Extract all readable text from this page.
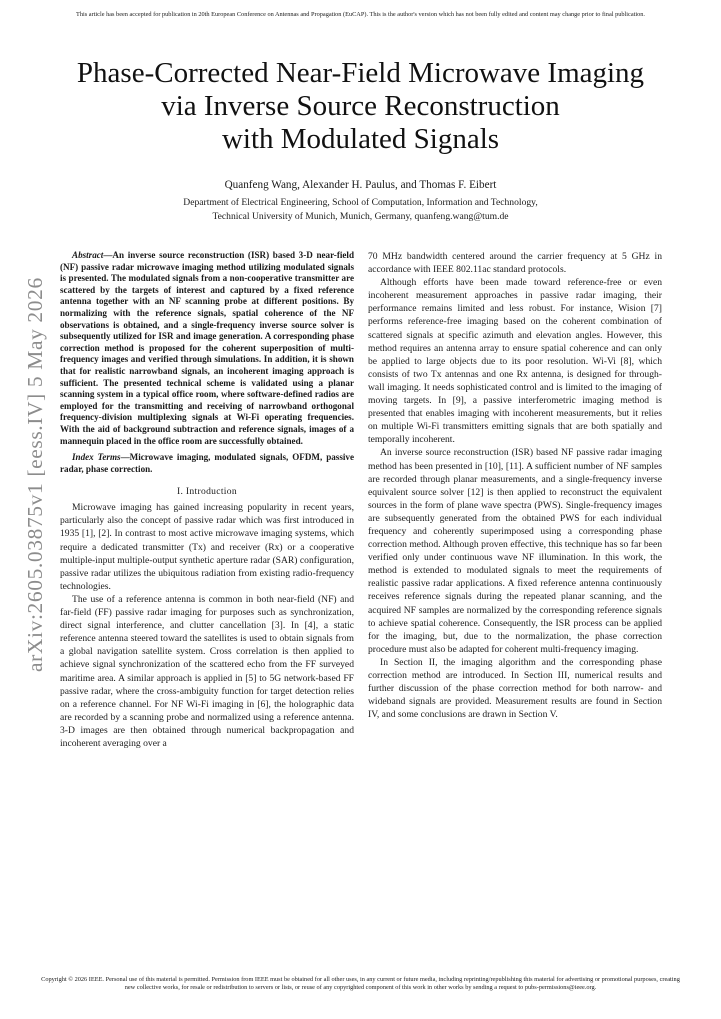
This article has been accepted for publication in 20th European Conference on Antennas and Propagation (EuCAP). This is the author's version which has not been fully edited and content may change prior to final publication.
Phase-Corrected Near-Field Microwave Imaging
via Inverse Source Reconstruction
with Modulated Signals
Quanfeng Wang, Alexander H. Paulus, and Thomas F. Eibert
Department of Electrical Engineering, School of Computation, Information and Technology,
Technical University of Munich, Munich, Germany, quanfeng.wang@tum.de
arXiv:2605.03875v1 [eess.IV] 5 May 2026

Abstract—An inverse source reconstruction (ISR) based 3-D near-field (NF) passive radar microwave imaging method utilizing modulated signals is presented. The modulated signals from a non-cooperative transmitter are scattered by the targets of interest and captured by a fixed reference antenna together with an NF scanning probe at different positions. By normalizing with the reference signals, spatial coherence of the NF observations is obtained, and a single-frequency inverse source solver is subsequently utilized for ISR and image generation. A corresponding phase correction method is proposed for the coherent superposition of multi-frequency images and verified through simulations. In addition, it is shown that for realistic narrowband signals, an incoherent imaging approach is sufficient. The presented technical scheme is validated using a planar scanning system in a typical office room, where software-defined radios are employed for the transmitting and receiving of narrowband orthogonal frequency-division multiplexing signals at Wi-Fi operating frequencies. With the aid of background subtraction and reference signals, images of a mannequin placed in the office room are successfully obtained.

Index Terms—Microwave imaging, modulated signals, OFDM, passive radar, phase correction.

I. Introduction

Microwave imaging has gained increasing popularity in recent years, particularly also the concept of passive radar which was first introduced in 1935 [1], [2]. In contrast to most active microwave imaging systems, which require a dedicated transmitter (Tx) and receiver (Rx) or a cooperative multiple-input multiple-output synthetic aperture radar (SAR) configuration, passive radar utilizes the ubiquitous radiation from existing radio-frequency technologies.

The use of a reference antenna is common in both near-field (NF) and far-field (FF) passive radar imaging for purposes such as synchronization, direct signal interference, and clutter cancellation [3]. In [4], a static reference antenna steered toward the satellites is used to obtain signals from a global navigation satellite system. Cross correlation is then applied to achieve signal synchronization of the scattered echo from the FF surveyed maritime area. A similar approach is applied in [5] to 5G network-based FF passive radar, where the cross-ambiguity function for target detection relies on a reference channel. For NF Wi-Fi imaging in [6], the holographic data are recorded by a scanning probe and normalized using a reference antenna. 3-D images are then obtained through numerical backpropagation and incoherent averaging over a

70 MHz bandwidth centered around the carrier frequency at 5 GHz in accordance with IEEE 802.11ac standard protocols.

Although efforts have been made toward reference-free or even incoherent measurement approaches in passive radar imaging, their performance remains limited and less robust. For instance, Wision [7] performs reference-free imaging based on the coherent combination of scattered signals at specific azimuth and elevation angles. However, this method requires an antenna array to ensure spatial coherence and can only be applied to large objects due to its poor resolution. Wi-Vi [8], which consists of two Tx antennas and one Rx antenna, is designed for through-wall imaging. It needs sophisticated control and is limited to the imaging of moving targets. In [9], a passive interferometric imaging method is presented that enables imaging with incoherent measurements, but it relies on multiple Wi-Fi transmitters emitting signals that are both spatially and temporally incoherent.

An inverse source reconstruction (ISR) based NF passive radar imaging method has been presented in [10], [11]. A sufficient number of NF samples are recorded through planar measurements, and a single-frequency inverse equivalent source solver [12] is then applied to reconstruct the equivalent sources in the form of plane wave spectra (PWS). Single-frequency images are subsequently generated from the obtained PWS for each individual frequency and coherently superimposed using a corresponding phase correction method. Although proven effective, this technique has so far been verified only under continuous wave NF illumination. In this work, the method is extended to modulated signals to meet the requirements of realistic passive radar applications. A fixed reference antenna continuously receives reference signals during the repeated planar scanning, and the acquired NF samples are normalized by the corresponding reference signals to achieve spatial coherence. Consequently, the ISR process can be applied for the imaging, but, due to the normalization, the phase correction procedure must also be adapted for coherent multi-frequency imaging.

In Section II, the imaging algorithm and the corresponding phase correction method are introduced. In Section III, numerical results and further discussion of the phase correction method for both narrow- and wideband signals are provided. Measurement results are found in Section IV, and some conclusions are drawn in Section V.

Copyright © 2026 IEEE. Personal use of this material is permitted. Permission from IEEE must be obtained for all other uses, in any current or future media, including reprinting/republishing this material for advertising or promotional purposes, creating new collective works, for resale or redistribution to servers or lists, or reuse of any copyrighted component of this work in other works by sending a request to pubs-permissions@ieee.org.
